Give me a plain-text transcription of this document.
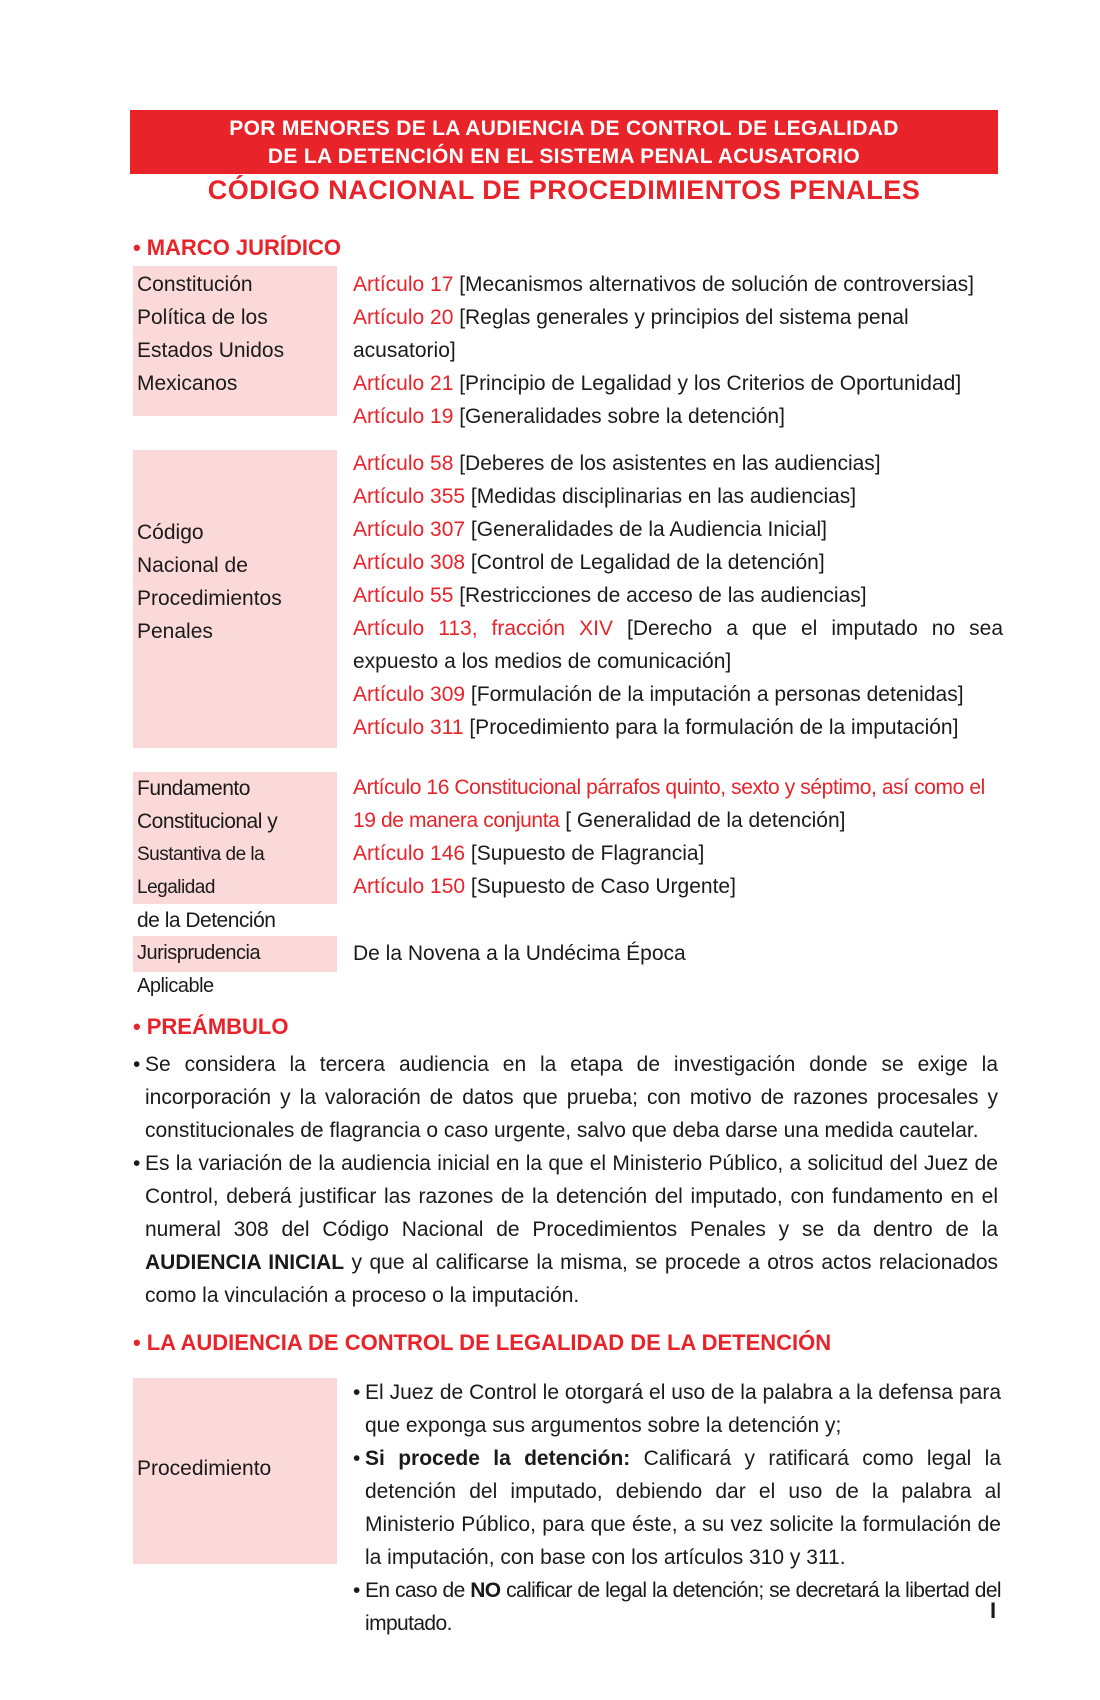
POR MENORES DE LA AUDIENCIA DE CONTROL DE LEGALIDAD
DE LA DETENCIÓN EN EL SISTEMA PENAL ACUSATORIO
CÓDIGO NACIONAL DE PROCEDIMIENTOS PENALES
• MARCO JURÍDICO
Constitución
Política de los
Estados Unidos
Mexicanos
Artículo 17 [Mecanismos alternativos de solución de controversias]
Artículo 20 [Reglas generales y principios del sistema penal acusatorio]
Artículo 21 [Principio de Legalidad y los Criterios de Oportunidad]
Artículo 19 [Generalidades sobre la detención]
Código
Nacional de
Procedimientos
Penales
Artículo 58 [Deberes de los asistentes en las audiencias]
Artículo 355 [Medidas disciplinarias en las audiencias]
Artículo 307 [Generalidades de la Audiencia Inicial]
Artículo 308 [Control de Legalidad de la detención]
Artículo 55 [Restricciones de acceso de las audiencias]
Artículo 113, fracción XIV [Derecho a que el imputado no sea expuesto a los medios de comunicación]
Artículo 309 [Formulación de la imputación a personas detenidas]
Artículo 311 [Procedimiento para la formulación de la imputación]
Fundamento
Constitucional y
Sustantiva de la Legalidad
de la Detención
Artículo 16 Constitucional párrafos quinto, sexto y séptimo, así como el 19 de manera conjunta [ Generalidad de la detención]
Artículo 146 [Supuesto de Flagrancia]
Artículo 150 [Supuesto de Caso Urgente]
Jurisprudencia Aplicable
De la Novena a la Undécima Época
• PREÁMBULO

• Se considera la tercera audiencia en la etapa de investigación donde se exige la incorporación y la valoración de datos que prueba; con motivo de razones procesales y constitucionales de flagrancia o caso urgente, salvo que deba darse una medida cautelar.

• Es la variación de la audiencia inicial en la que el Ministerio Público, a solicitud del Juez de Control, deberá justificar las razones de la detención del imputado, con fundamento en el numeral 308 del Código Nacional de Procedimientos Penales y se da dentro de la AUDIENCIA INICIAL y que al calificarse la misma, se procede a otros actos relacionados como la vinculación a proceso o la imputación.

• LA AUDIENCIA DE CONTROL DE LEGALIDAD DE LA DETENCIÓN
Procedimiento
• El Juez de Control le otorgará el uso de la palabra a la defensa para que exponga sus argumentos sobre la detención y;
• Si procede la detención: Calificará y ratificará como legal la detención del imputado, debiendo dar el uso de la palabra al Ministerio Público, para que éste, a su vez solicite la formulación de la imputación, con base con los artículos 310 y 311.
• En caso de NO calificar de legal la detención; se decretará la libertad del imputado.
I
